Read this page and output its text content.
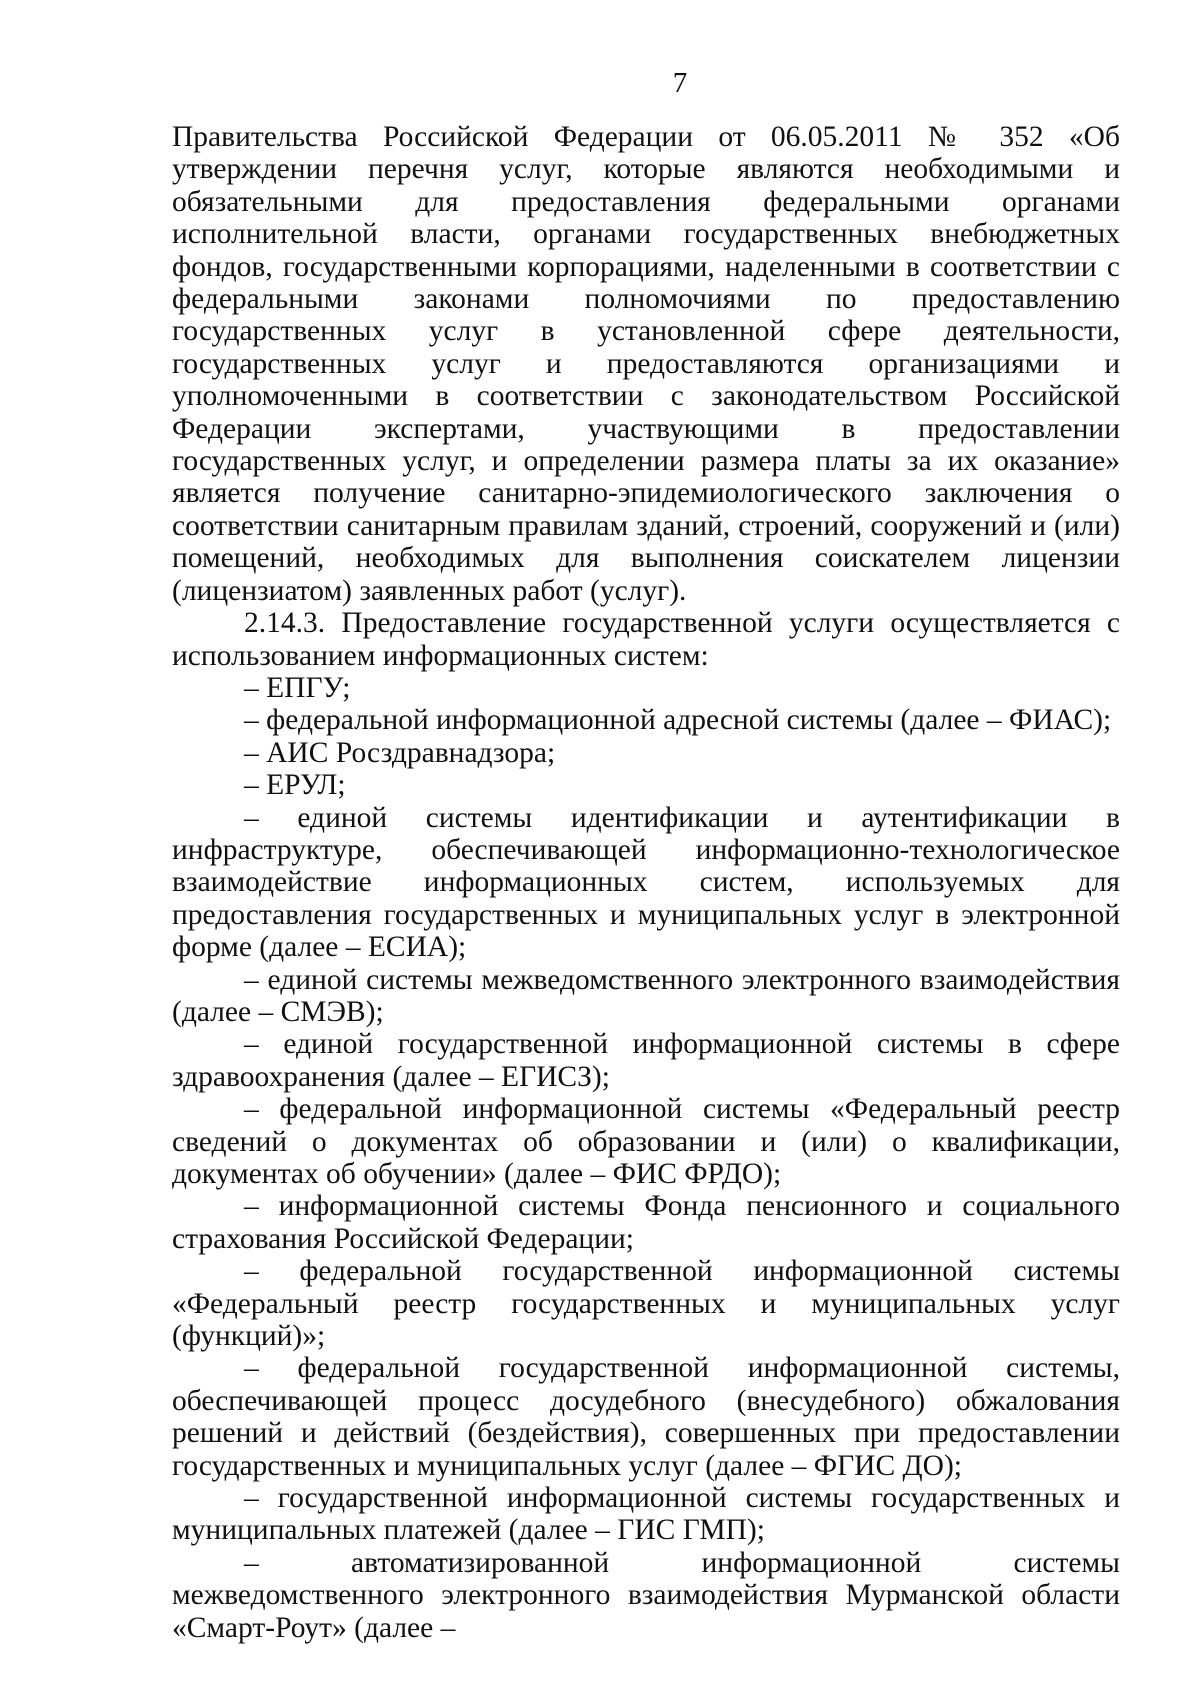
7

Правительства Российской Федерации от 06.05.2011 № 352 «Об утверждении перечня услуг, которые являются необходимыми и обязательными для предоставления федеральными органами исполнительной власти, органами государственных внебюджетных фондов, государственными корпорациями, наделенными в соответствии с федеральными законами полномочиями по предоставлению государственных услуг в установленной сфере деятельности, государственных услуг и предоставляются организациями и уполномоченными в соответствии с законодательством Российской Федерации экспертами, участвующими в предоставлении государственных услуг, и определении размера платы за их оказание» является получение санитарно-эпидемиологического заключения о соответствии санитарным правилам зданий, строений, сооружений и (или) помещений, необходимых для выполнения соискателем лицензии (лицензиатом) заявленных работ (услуг).

2.14.3. Предоставление государственной услуги осуществляется с использованием информационных систем:

– ЕПГУ;

– федеральной информационной адресной системы (далее – ФИАС);

– АИС Росздравнадзора;

– ЕРУЛ;

– единой системы идентификации и аутентификации в инфраструктуре, обеспечивающей информационно-технологическое взаимодействие информационных систем, используемых для предоставления государственных и муниципальных услуг в электронной форме (далее – ЕСИА);

– единой системы межведомственного электронного взаимодействия (далее – СМЭВ);

– единой государственной информационной системы в сфере здравоохранения (далее – ЕГИСЗ);

– федеральной информационной системы «Федеральный реестр сведений о документах об образовании и (или) о квалификации, документах об обучении» (далее – ФИС ФРДО);

– информационной системы Фонда пенсионного и социального страхования Российской Федерации;

– федеральной государственной информационной системы «Федеральный реестр государственных и муниципальных услуг (функций)»;

– федеральной государственной информационной системы, обеспечивающей процесс досудебного (внесудебного) обжалования решений и действий (бездействия), совершенных при предоставлении государственных и муниципальных услуг (далее – ФГИС ДО);

– государственной информационной системы государственных и муниципальных платежей (далее – ГИС ГМП);

– автоматизированной информационной системы межведомственного электронного взаимодействия Мурманской области «Смарт-Роут» (далее –
